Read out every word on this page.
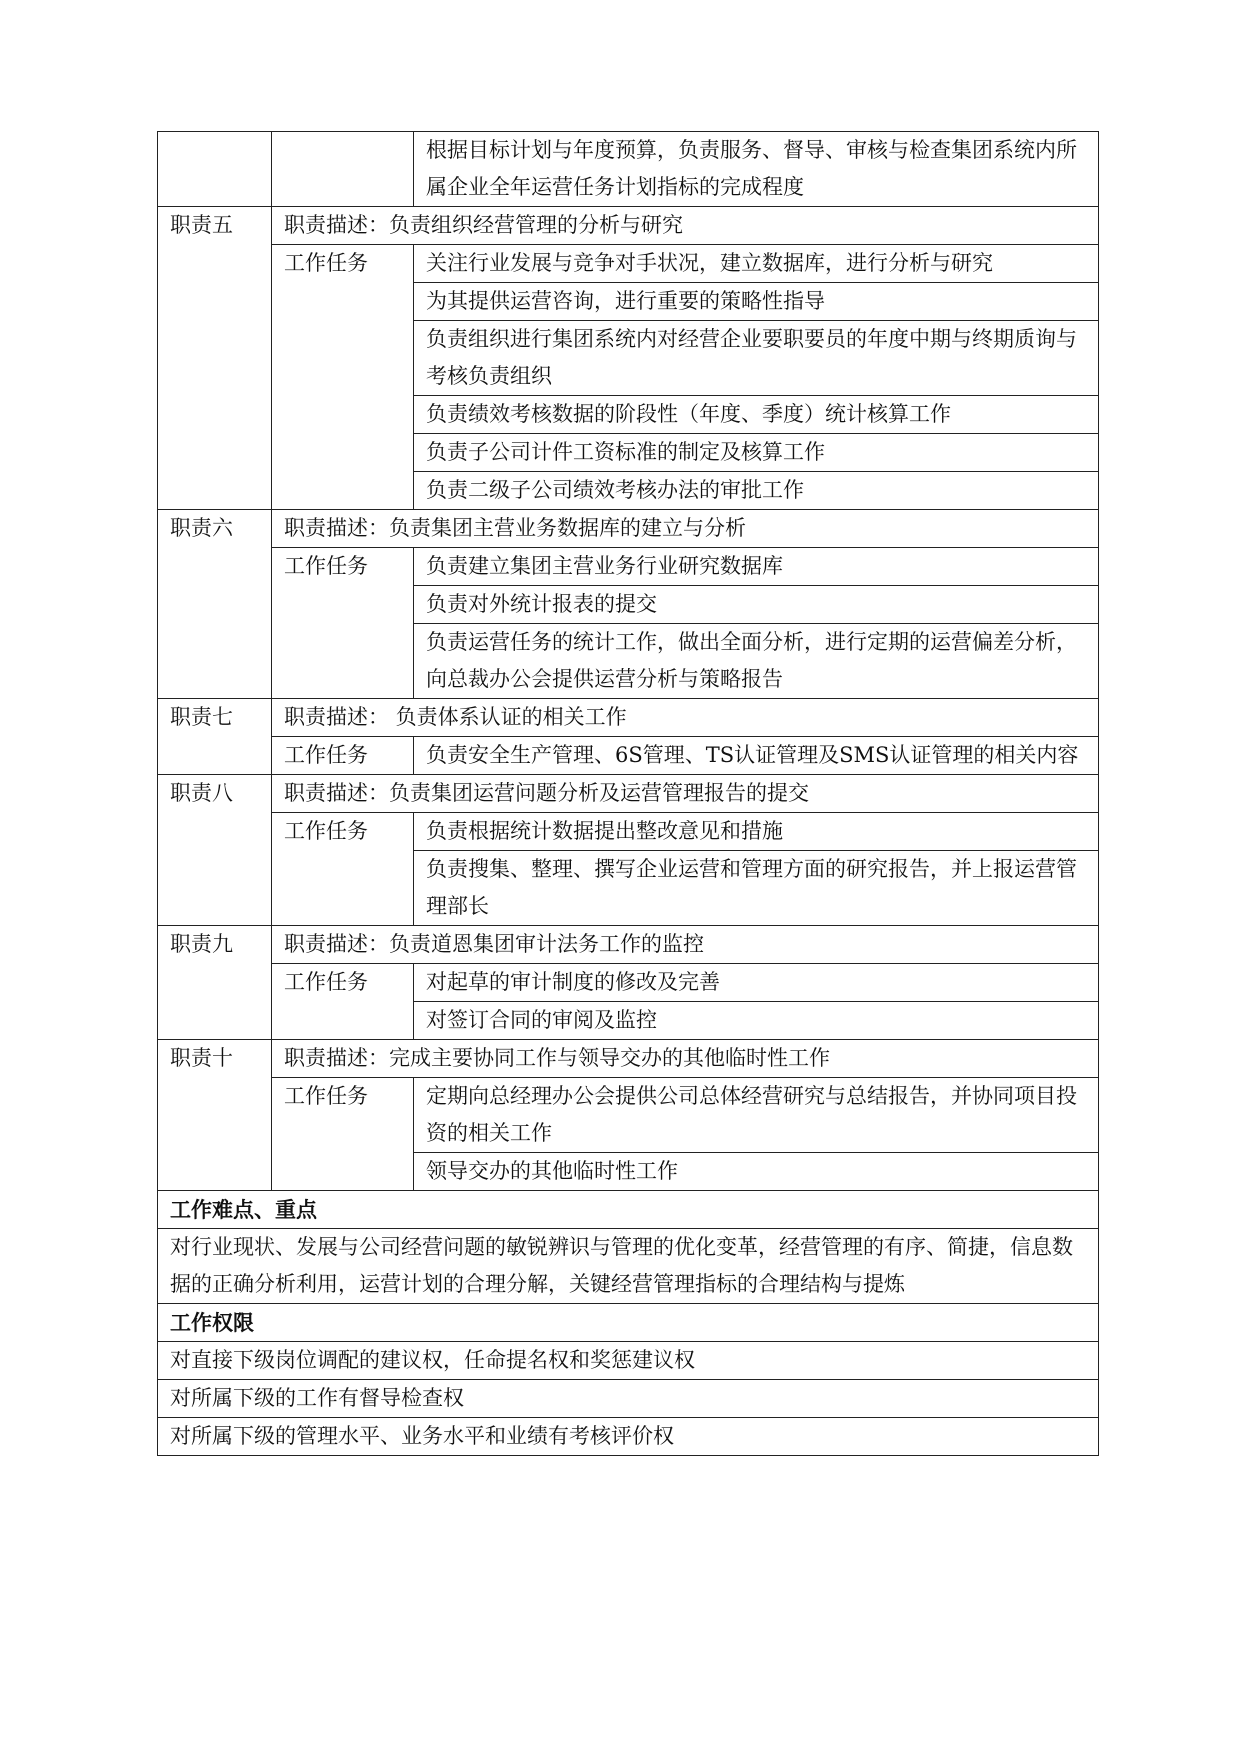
		根据目标计划与年度预算，负责服务、督导、审核与检查集团系统内所属企业全年运营任务计划指标的完成程度
职责五	职责描述：负责组织经营管理的分析与研究	
	工作任务	关注行业发展与竞争对手状况，建立数据库，进行分析与研究
		为其提供运营咨询，进行重要的策略性指导
		负责组织进行集团系统内对经营企业要职要员的年度中期与终期质询与考核负责组织
		负责绩效考核数据的阶段性（年度、季度）统计核算工作
		负责子公司计件工资标准的制定及核算工作
		负责二级子公司绩效考核办法的审批工作
职责六	职责描述：负责集团主营业务数据库的建立与分析	
	工作任务	负责建立集团主营业务行业研究数据库
		负责对外统计报表的提交
		负责运营任务的统计工作，做出全面分析，进行定期的运营偏差分析，向总裁办公会提供运营分析与策略报告
职责七	职责描述： 负责体系认证的相关工作	
	工作任务	负责安全生产管理、6S管理、TS认证管理及SMS认证管理的相关内容
职责八	职责描述：负责集团运营问题分析及运营管理报告的提交	
	工作任务	负责根据统计数据提出整改意见和措施
		负责搜集、整理、撰写企业运营和管理方面的研究报告，并上报运营管理部长
职责九	职责描述：负责道恩集团审计法务工作的监控	
	工作任务	对起草的审计制度的修改及完善
		对签订合同的审阅及监控
职责十	职责描述：完成主要协同工作与领导交办的其他临时性工作	
	工作任务	定期向总经理办公会提供公司总体经营研究与总结报告，并协同项目投资的相关工作
		领导交办的其他临时性工作
工作难点、重点		
对行业现状、发展与公司经营问题的敏锐辨识与管理的优化变革，经营管理的有序、简捷，信息数据的正确分析利用，运营计划的合理分解，关键经营管理指标的合理结构与提炼		
工作权限		
对直接下级岗位调配的建议权，任命提名权和奖惩建议权		
对所属下级的工作有督导检查权		
对所属下级的管理水平、业务水平和业绩有考核评价权		
